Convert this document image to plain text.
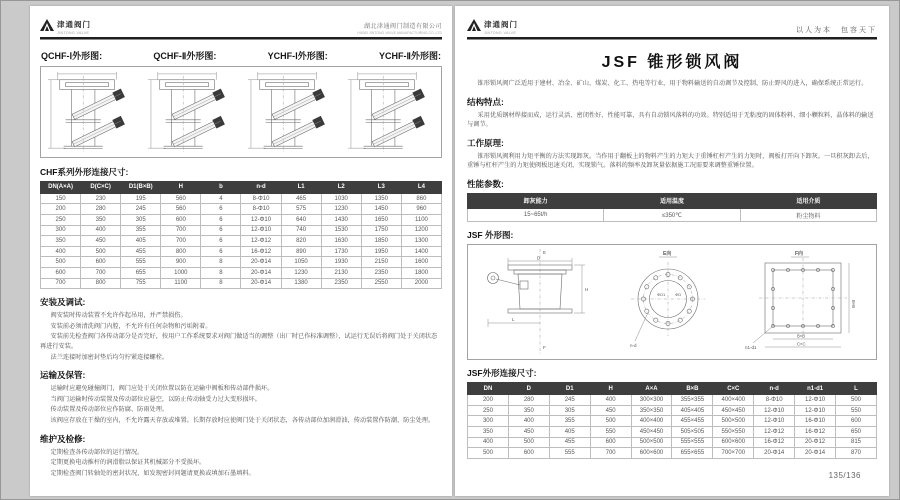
津通阀门
JINTONG VALVE
湖北津通阀门制造有限公司
HUBEI JINTONG VALVE MANUFACTURING CO.,LTD
QCHF-Ⅰ外形图:	QCHF-Ⅱ外形图:	YCHF-Ⅰ外形图:	YCHF-Ⅱ外形图:
CHF系列外形连接尺寸:
DN(A×A)	D(C×C)	D1(B×B)	H	b	n-d	L1	L2	L3	L4
150	230	195	560	4	8-Φ10	465	1030	1350	860
200	280	245	560	6	8-Φ10	575	1230	1450	960
250	350	305	600	6	12-Φ10	640	1430	1650	1100
300	400	355	700	6	12-Φ10	740	1530	1750	1200
350	450	405	700	6	12-Φ12	820	1630	1850	1300
400	500	455	800	6	16-Φ12	890	1730	1950	1400
500	600	555	900	8	20-Φ14	1050	1930	2150	1600
600	700	655	1000	8	20-Φ14	1230	2130	2350	1800
700	800	755	1100	8	20-Φ14	1380	2350	2550	2000
安装及调试:

阀安装时传动装置不允许作起吊用，并严禁损伤。

安装前必须清洗阀门内腔，不允许有任何杂物和污垢附着。

安装前先检查阀门各传动部分是否完好，按用户工作系统要求对阀门做适当的调整（出厂时已作标准调整），试运行无误后将阀门处于关闭状态再进行安装。

法兰连接时加密封垫后均匀拧紧连接螺栓。

运输及保管:

运输时应避免碰撞阀门，阀门应处于关闭位置以防在运输中阀板和传动部件损坏。

当阀门运输时传动装置及传动部位应悬空，以防止传动轴受力过大变形损坏。

传动装置及传动部位应作防腐、防雨处理。

该阀应存放在干燥的室内，不允许露天存放或堆置。长期存放时应使阀门处于关闭状态，各传动部位加润滑油，传动装置作防潮、防尘处理。

维护及检修:

定期检查各传动部位的运行情况。

定期更换电动推杆的润滑脂以保证其机械部分不受损坏。

定期检查阀门转轴处的密封状况，如发现密封问题请更换或填加石墨填料。

津通阀门
JINTONG VALVE	以人为本　包容天下
JSF 锥形锁风阀

锥形锁风阀广泛适用于建材、冶金、矿山、煤炭、化工、热电等行业，用于物料输送的自动调节及控制，防止野风的进入，确保系统正常运行。

结构特点:

采用优质钢材焊接而成，运行灵活、密闭性好、性能可靠，具有自动锁风落料的功效。特别适用于无粘度的固体粉料、细小颗粒料、晶体料的输送与调节。

工作原理:

锥形锁风阀利用力矩平衡的方法实现卸灰。当作用于翻板上的物料产生的力矩大于重锤杠杆产生的力矩时，阀板打开向下卸灰。一旦积灰卸去后，重锤与杠杆产生的力矩使阀板迅速关闭，实现锁气。落料的频率及卸灰量依据施工况需要来调整重锤位置。

性能参数:
卸灰能力	适用温度	适用介质
15~65t/h	≤350℃	粉尘物料
JSF 外形图:
E
D
H
L
F
E向
ΦD1 ΦD
n-d
F向
n1-d1
B×B
C×C
B×B
JSF外形连接尺寸:
DN	D	D1	H	A×A	B×B	C×C	n-d	n1-d1	L
200	280	245	400	300×300	355×355	400×400	8-Φ10	12-Φ10	500
250	350	305	450	350×350	405×405	450×450	12-Φ10	12-Φ10	550
300	400	355	500	400×400	455×455	500×500	12-Φ10	16-Φ10	600
350	450	405	550	450×450	505×505	550×550	12-Φ12	16-Φ12	650
400	500	455	600	500×500	555×555	600×600	16-Φ12	20-Φ12	815
500	600	555	700	600×600	655×655	700×700	20-Φ14	20-Φ14	870
135/136
